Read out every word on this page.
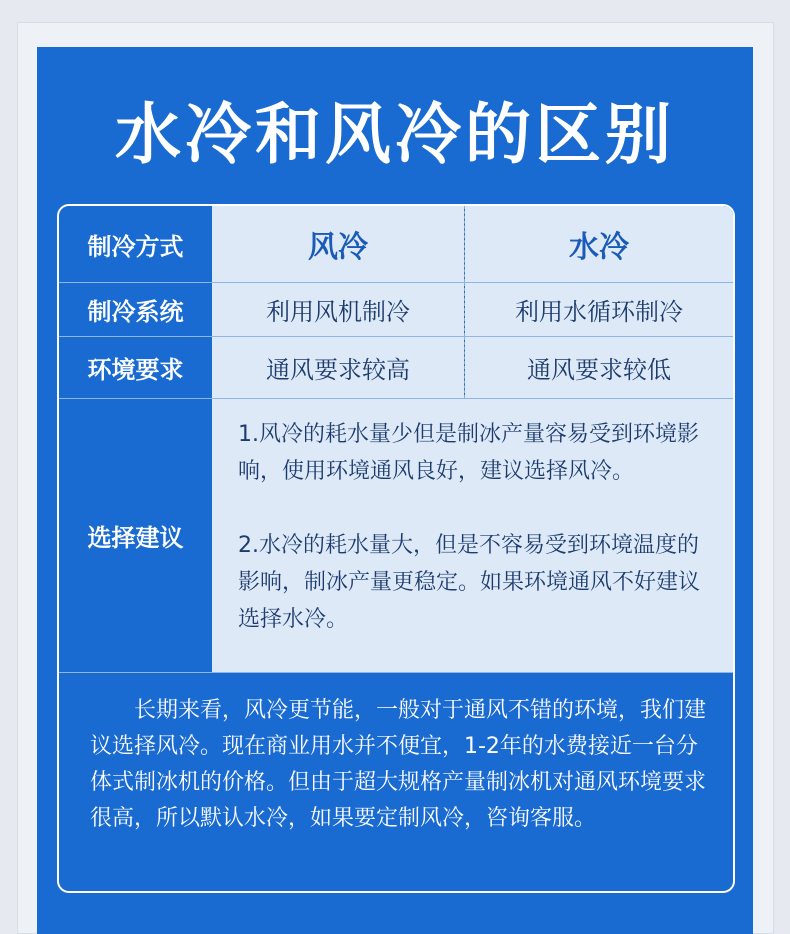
水冷和风冷的区别
制冷方式	风冷	水冷
制冷系统	利用风机制冷	利用水循环制冷
环境要求	通风要求较高	通风要求较低
选择建议

1.风冷的耗水量少但是制冰产量容易受到环境影响，使用环境通风良好，建议选择风冷。

2.水冷的耗水量大，但是不容易受到环境温度的影响，制冰产量更稳定。如果环境通风不好建议选择水冷。

长期来看，风冷更节能，一般对于通风不错的环境，我们建议选择风冷。现在商业用水并不便宜，1-2年的水费接近一台分体式制冰机的价格。但由于超大规格产量制冰机对通风环境要求很高，所以默认水冷，如果要定制风冷，咨询客服。
